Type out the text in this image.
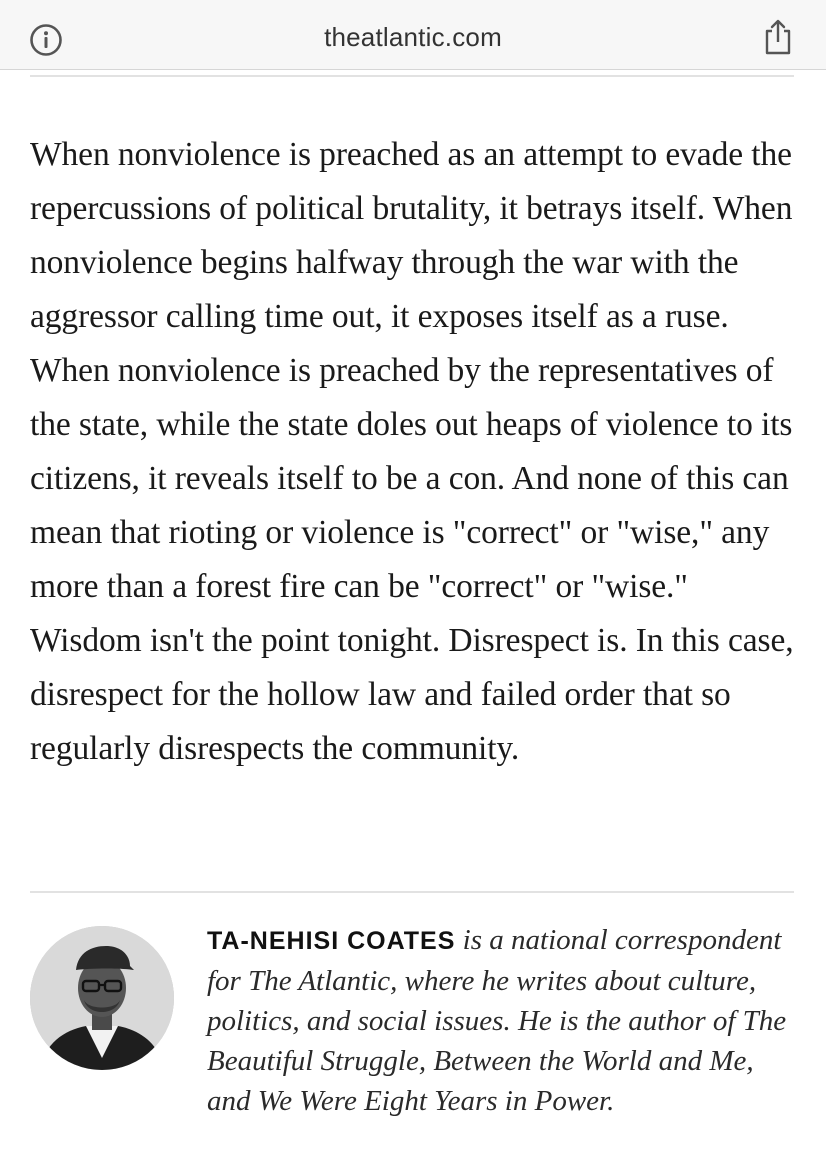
theatlantic.com

When nonviolence is preached as an attempt to evade the repercussions of political brutality, it betrays itself. When nonviolence begins halfway through the war with the aggressor calling time out, it exposes itself as a ruse. When nonviolence is preached by the representatives of the state, while the state doles out heaps of violence to its citizens, it reveals itself to be a con. And none of this can mean that rioting or violence is "correct" or "wise," any more than a forest fire can be "correct" or "wise." Wisdom isn't the point tonight. Disrespect is. In this case, disrespect for the hollow law and failed order that so regularly disrespects the community.

TA-NEHISI COATES is a national correspondent for The Atlantic, where he writes about culture, politics, and social issues. He is the author of The Beautiful Struggle, Between the World and Me, and We Were Eight Years in Power.
